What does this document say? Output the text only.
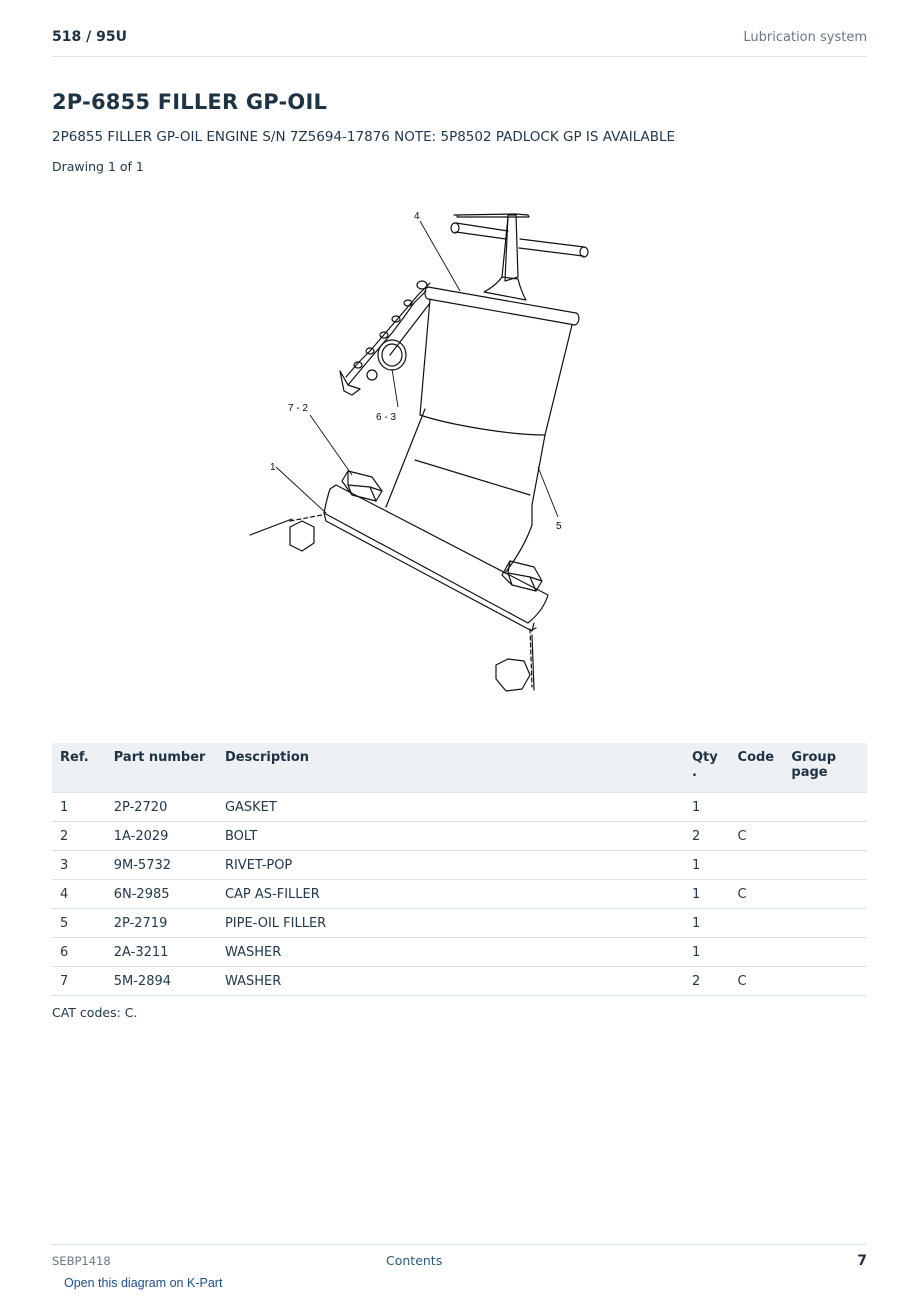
518 / 95U	Lubrication system
2P-6855 FILLER GP-OIL
2P6855 FILLER GP-OIL ENGINE S/N 7Z5694-17876 NOTE: 5P8502 PADLOCK GP IS AVAILABLE
Drawing 1 of 1
4
7 - 2
6 - 3
1
5
Ref.	Part number	Description	Qty .	Code	Group page
1	2P-2720	GASKET	1		
2	1A-2029	BOLT	2	C	
3	9M-5732	RIVET-POP	1		
4	6N-2985	CAP AS-FILLER	1	C	
5	2P-2719	PIPE-OIL FILLER	1		
6	2A-3211	WASHER	1		
7	5M-2894	WASHER	2	C	
CAT codes: C.
SEBP1418	Contents	7
Open this diagram on K-Part
